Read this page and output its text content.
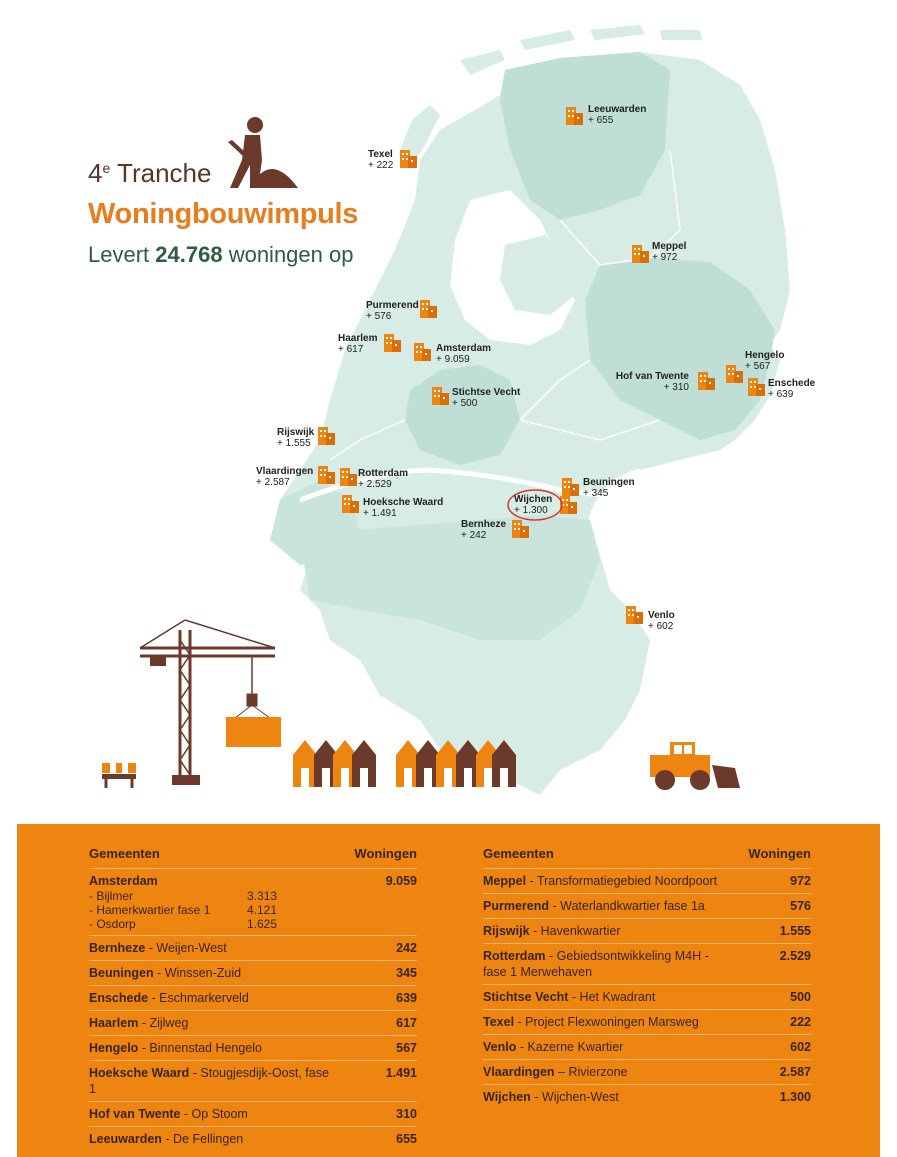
4e Tranche
Woningbouwimpuls
Levert 24.768 woningen op
Leeuwarden
+ 655
Texel
+ 222
Meppel
+ 972
Purmerend
+ 576
Haarlem
+ 617	Amsterdam
+ 9.059	Hengelo
+ 567
Hof van Twente
+ 310	Enschede
+ 639
Stichtse Vecht
+ 500
Rijswijk
+ 1.555
Vlaardingen
+ 2.587
Rotterdam
+ 2.529
Hoeksche Waard
+ 1.491
Beuningen
+ 345
Wijchen
+ 1.300
Bernheze
+ 242
Venlo
+ 602
Gemeenten	Woningen
Amsterdam	9.059
- Bijlmer	3.313
- Hamerkwartier fase 1	4.121
- Osdorp	1.625
Bernheze - Weijen-West	242
Beuningen - Winssen-Zuid	345
Enschede - Eschmarkerveld	639
Haarlem - Zijlweg	617
Hengelo - Binnenstad Hengelo	567
Hoeksche Waard - Stougjesdijk-Oost, fase 1
1.491
Hof van Twente - Op Stoom	310
Leeuwarden - De Fellingen	655
Gemeenten	Woningen
Meppel - Transformatiegebied Noordpoort	972
Purmerend - Waterlandkwartier fase 1a	576
Rijswijk - Havenkwartier	1.555
Rotterdam - Gebiedsontwikkeling M4H - fase 1 Merwehaven
2.529
Stichtse Vecht - Het Kwadrant	500
Texel - Project Flexwoningen Marsweg	222
Venlo - Kazerne Kwartier	602
Vlaardingen – Rivierzone	2.587
Wijchen - Wijchen-West	1.300
